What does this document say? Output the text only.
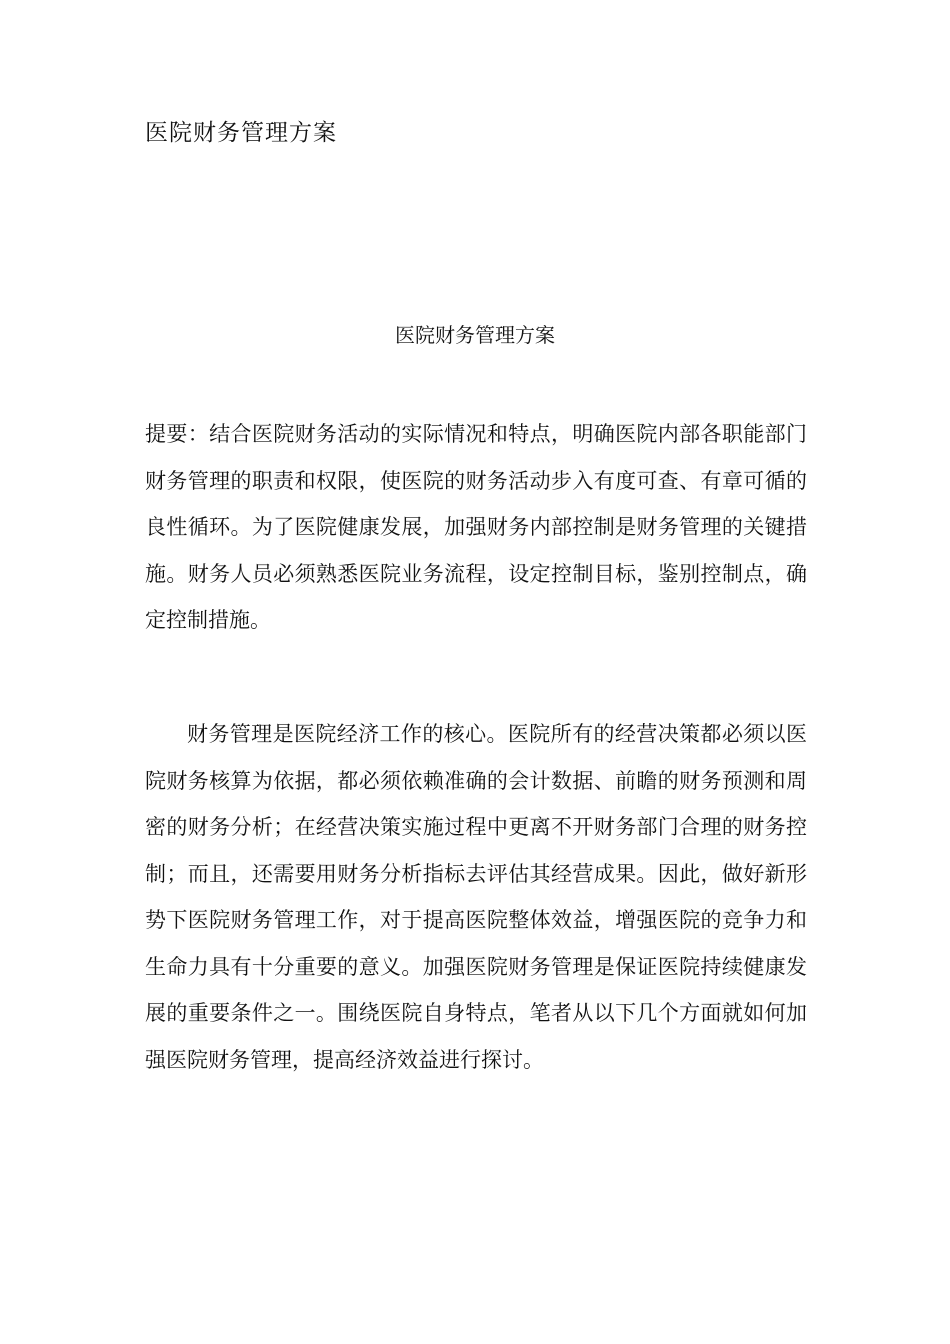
医院财务管理方案
医院财务管理方案

提要：结合医院财务活动的实际情况和特点，明确医院内部各职能部门财务管理的职责和权限，使医院的财务活动步入有度可查、有章可循的良性循环。为了医院健康发展，加强财务内部控制是财务管理的关键措施。财务人员必须熟悉医院业务流程，设定控制目标，鉴别控制点，确定控制措施。

财务管理是医院经济工作的核心。医院所有的经营决策都必须以医院财务核算为依据，都必须依赖准确的会计数据、前瞻的财务预测和周密的财务分析；在经营决策实施过程中更离不开财务部门合理的财务控制；而且，还需要用财务分析指标去评估其经营成果。因此，做好新形势下医院财务管理工作，对于提高医院整体效益，增强医院的竞争力和生命力具有十分重要的意义。加强医院财务管理是保证医院持续健康发展的重要条件之一。围绕医院自身特点，笔者从以下几个方面就如何加强医院财务管理，提高经济效益进行探讨。
